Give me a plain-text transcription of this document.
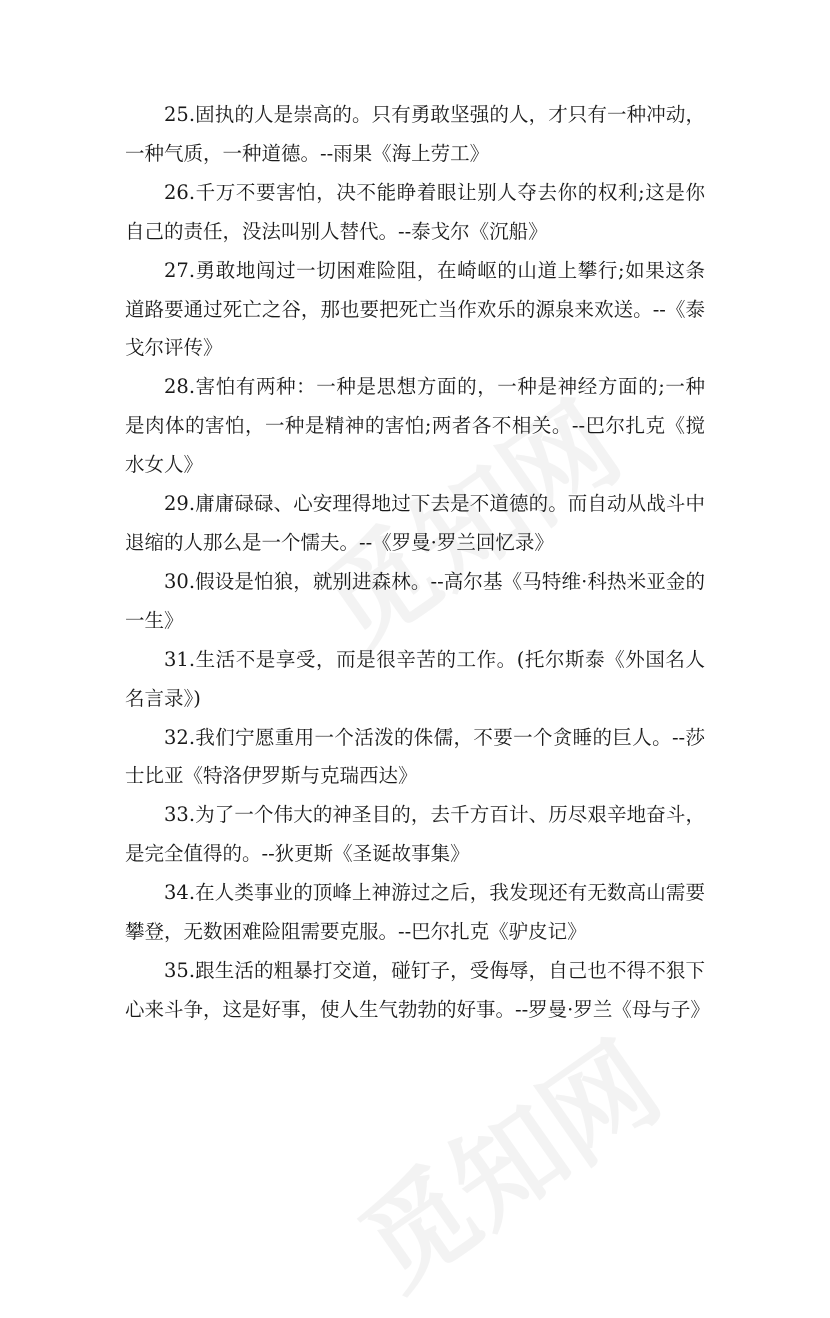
25.固执的人是崇高的。只有勇敢坚强的人，才只有一种冲动，一种气质，一种道德。--雨果《海上劳工》

26.千万不要害怕，决不能睁着眼让别人夺去你的权利;这是你自己的责任，没法叫别人替代。--泰戈尔《沉船》

27.勇敢地闯过一切困难险阻，在崎岖的山道上攀行;如果这条道路要通过死亡之谷，那也要把死亡当作欢乐的源泉来欢送。--《泰戈尔评传》

28.害怕有两种：一种是思想方面的，一种是神经方面的;一种是肉体的害怕，一种是精神的害怕;两者各不相关。--巴尔扎克《搅水女人》

29.庸庸碌碌、心安理得地过下去是不道德的。而自动从战斗中退缩的人那么是一个懦夫。--《罗曼·罗兰回忆录》

30.假设是怕狼，就别进森林。--高尔基《马特维·科热米亚金的一生》

31.生活不是享受，而是很辛苦的工作。(托尔斯泰《外国名人名言录》)

32.我们宁愿重用一个活泼的侏儒，不要一个贪睡的巨人。--莎士比亚《特洛伊罗斯与克瑞西达》

33.为了一个伟大的神圣目的，去千方百计、历尽艰辛地奋斗，是完全值得的。--狄更斯《圣诞故事集》

34.在人类事业的顶峰上神游过之后，我发现还有无数高山需要攀登，无数困难险阻需要克服。--巴尔扎克《驴皮记》

35.跟生活的粗暴打交道，碰钉子，受侮辱，自己也不得不狠下心来斗争，这是好事，使人生气勃勃的好事。--罗曼·罗兰《母与子》
